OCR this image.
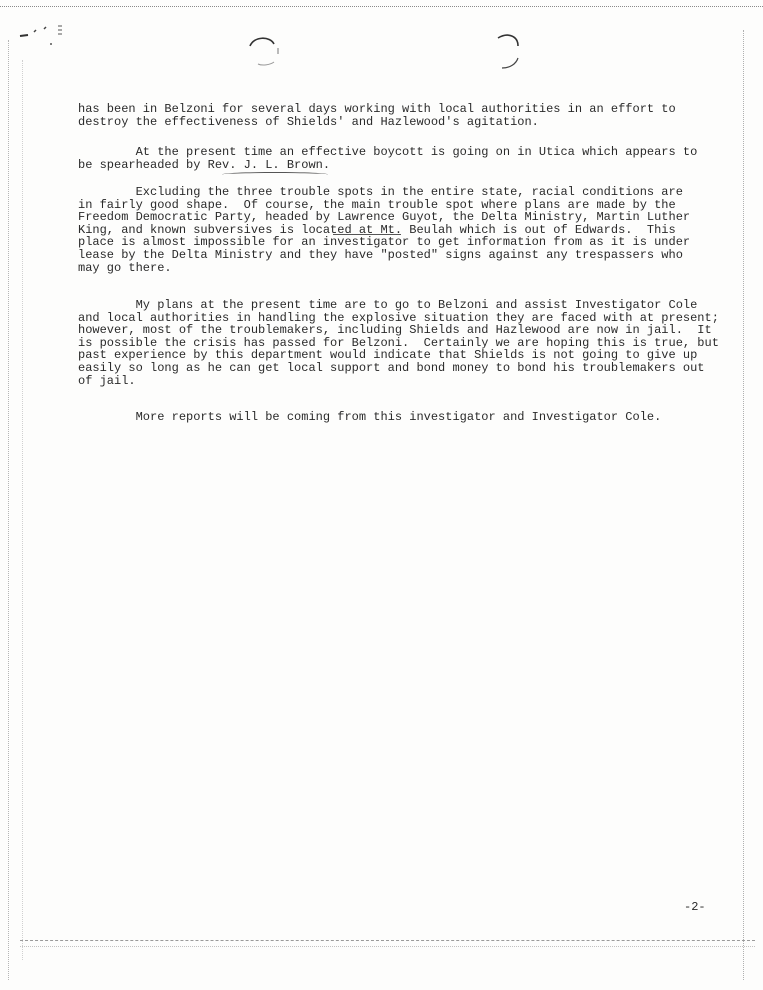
has been in Belzoni for several days working with local authorities in an effort to

destroy the effectiveness of Shields' and Hazlewood's agitation.

At the present time an effective boycott is going on in Utica which appears to

be spearheaded by Rev. J. L. Brown.

Excluding the three trouble spots in the entire state, racial conditions are

in fairly good shape.  Of course, the main trouble spot where plans are made by the

Freedom Democratic Party, headed by Lawrence Guyot, the Delta Ministry, Martin Luther

King, and known subversives is located at Mt. Beulah which is out of Edwards.  This

place is almost impossible for an investigator to get information from as it is under

lease by the Delta Ministry and they have "posted" signs against any trespassers who

may go there.

My plans at the present time are to go to Belzoni and assist Investigator Cole

and local authorities in handling the explosive situation they are faced with at present;

however, most of the troublemakers, including Shields and Hazlewood are now in jail.  It

is possible the crisis has passed for Belzoni.  Certainly we are hoping this is true, but

past experience by this department would indicate that Shields is not going to give up

easily so long as he can get local support and bond money to bond his troublemakers out

of jail.

More reports will be coming from this investigator and Investigator Cole.

-2-
